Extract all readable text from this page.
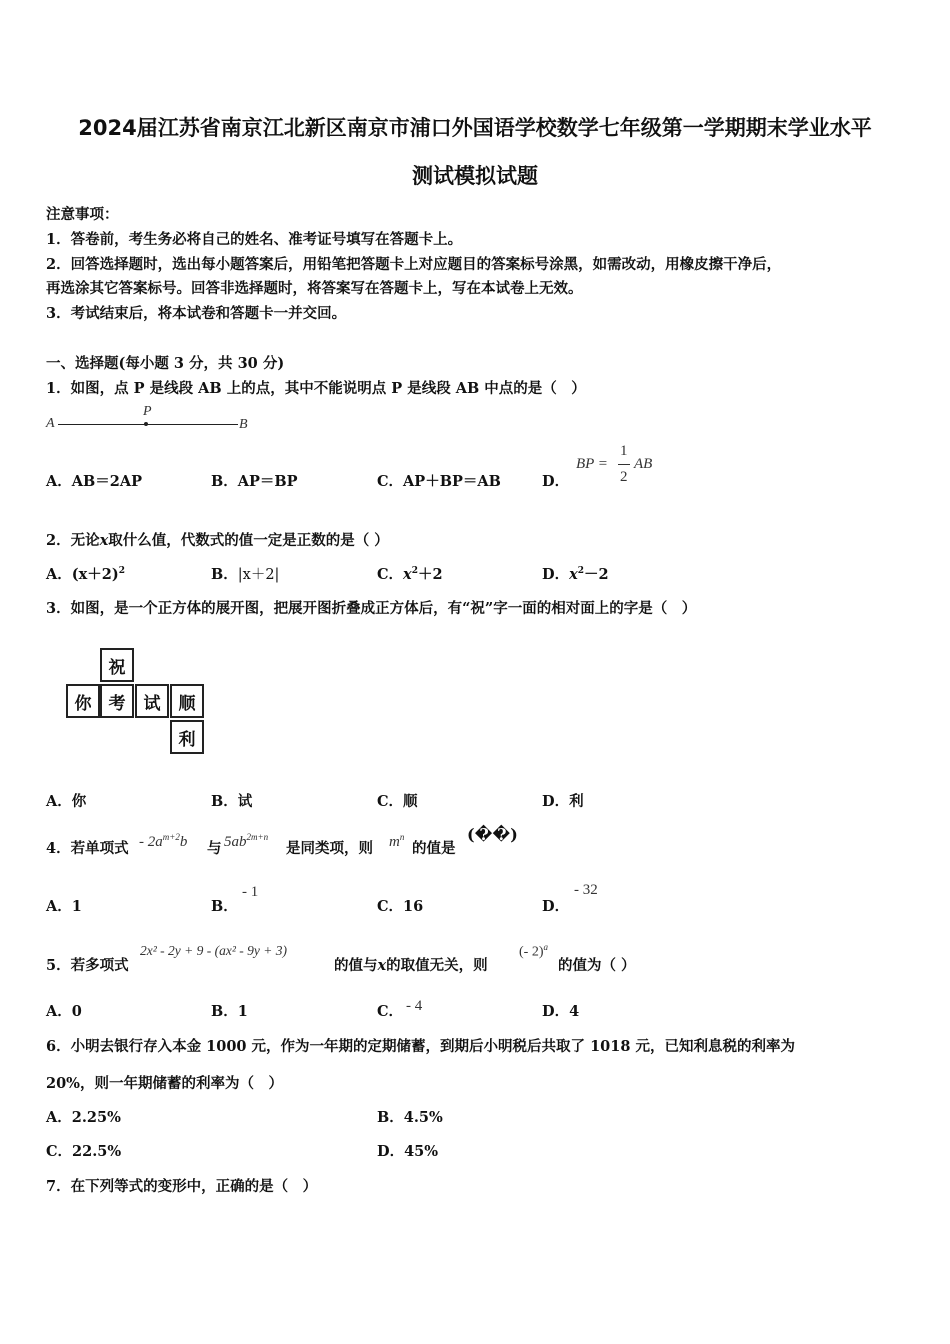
2024届江苏省南京江北新区南京市浦口外国语学校数学七年级第一学期期末学业水平
测试模拟试题
注意事项：
1．答卷前，考生务必将自己的姓名、准考证号填写在答题卡上。
2．回答选择题时，选出每小题答案后，用铅笔把答题卡上对应题目的答案标号涂黑，如需改动，用橡皮擦干净后，
再选涂其它答案标号。回答非选择题时，将答案写在答题卡上，写在本试卷上无效。
3．考试结束后，将本试卷和答题卡一并交回。
一、选择题(每小题 3 分，共 30 分)
1．如图，点 P 是线段 AB 上的点，其中不能说明点 P 是线段 AB 中点的是（　）
A
P
B
A．AB＝2AP	B．AP＝BP	C．AP＋BP＝AB	D．
BP =
1
2
AB
2．无论x取什么值，代数式的值一定是正数的是（ ）
A．$(x+2)^2$	B．|x＋2|	C．$x^2+2$	D．$x^2-2$
3．如图，是一个正方体的展开图，把展开图折叠成正方体后，有“祝”字一面的相对面上的字是（　）
祝
你	考	试	顺
利
A．你	B．试	C．顺	D．利
4．若单项式 - $2a^{m+2}b$ 与 $5ab^{2m+n}$
是同类项，则 $m^n$
的值是
(��)
A．1	B．
- 1
C．16	D．
- 32
5．若多项式
2x² - 2y + 9 - (ax² - 9y + 3)
的值与x的取值无关，则
(- 2)$^a$
的值为（ ）
A．0	B．1	C． - 4	D．4
6．小明去银行存入本金 1000 元，作为一年期的定期储蓄，到期后小明税后共取了 1018 元，已知利息税的利率为
20%，则一年期储蓄的利率为（　）
A．2.25%	B．4.5%
C．22.5%	D．45%
7．在下列等式的变形中，正确的是（　）
